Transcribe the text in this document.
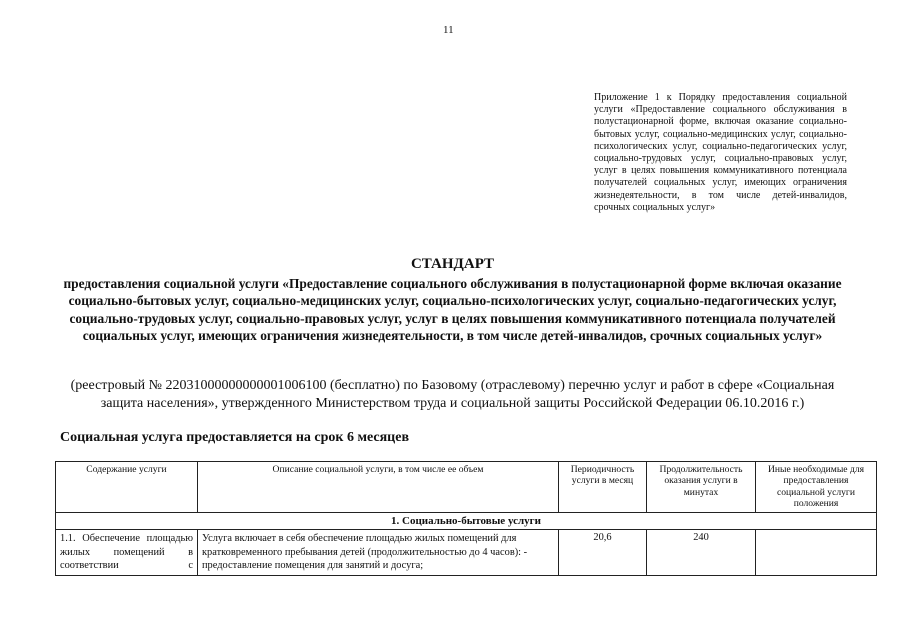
11
Приложение 1 к Порядку предоставления социальной услуги «Предоставление социального обслуживания в полустационарной форме, включая оказание социально-бытовых услуг, социально-медицинских услуг, социально-психологических услуг, социально-педагогических услуг, социально-трудовых услуг, социально-правовых услуг, услуг в целях повышения коммуникативного потенциала получателей социальных услуг, имеющих ограничения жизнедеятельности, в том числе детей-инвалидов, срочных социальных услуг»
СТАНДАРТ
предоставления социальной услуги «Предоставление социального обслуживания в полустационарной форме включая оказание социально-бытовых услуг, социально-медицинских услуг, социально-психологических услуг, социально-педагогических услуг, социально-трудовых услуг, социально-правовых услуг, услуг в целях повышения коммуникативного потенциала получателей социальных услуг, имеющих ограничения жизнедеятельности, в том числе детей-инвалидов, срочных социальных услуг»
(реестровый № 22031000000000001006100 (бесплатно) по Базовому (отраслевому) перечню услуг и работ в сфере «Социальная защита населения», утвержденного Министерством труда и социальной защиты Российской Федерации 06.10.2016 г.)
Социальная услуга предоставляется на срок 6 месяцев
Содержание услуги	Описание социальной услуги, в том числе ее объем	Периодичность услуги в месяц	Продолжительность оказания услуги в минутах	Иные необходимые для предоставления социальной услуги положения
1. Социально-бытовые услуги				
1.1. Обеспечение площадью жилых помещений в соответствии с	Услуга включает в себя обеспечение площадью жилых помещений для кратковременного пребывания детей (продолжительностью до 4 часов): - предоставление помещения для занятий и досуга;	20,6	240	
